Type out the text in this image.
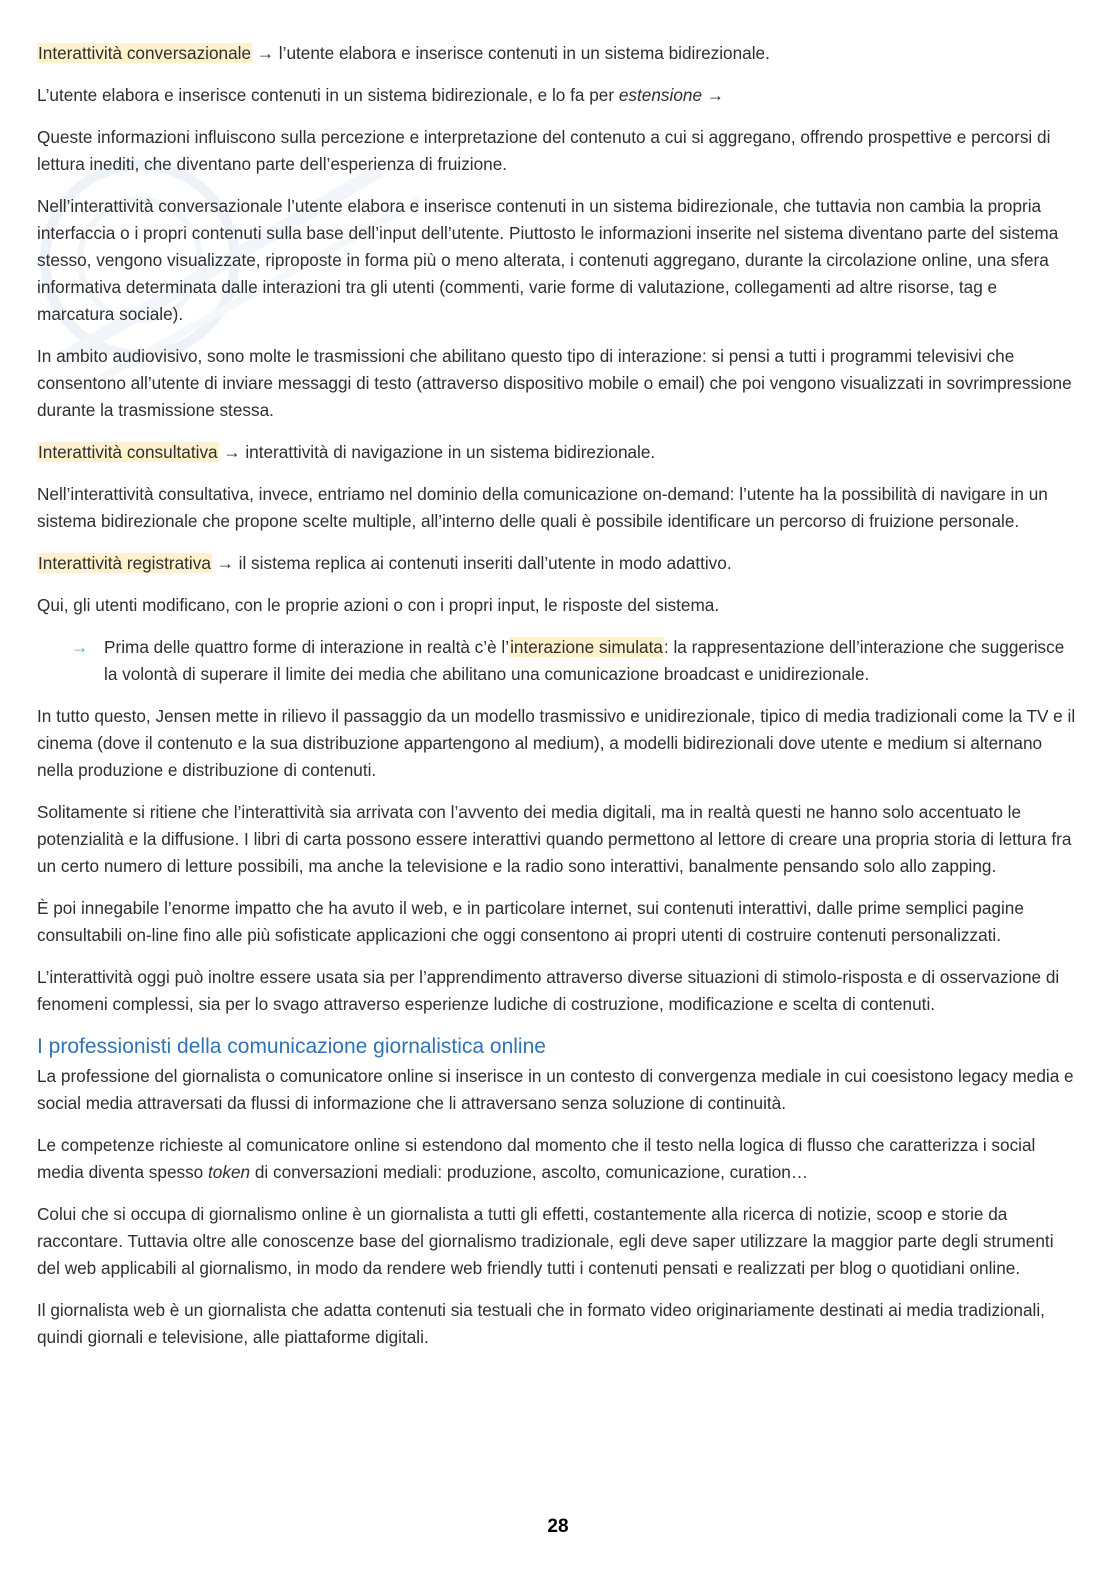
Interattività conversazionale → l’utente elabora e inserisce contenuti in un sistema bidirezionale.

L’utente elabora e inserisce contenuti in un sistema bidirezionale, e lo fa per estensione →

Queste informazioni influiscono sulla percezione e interpretazione del contenuto a cui si aggregano, offrendo prospettive e percorsi di lettura inediti, che diventano parte dell’esperienza di fruizione.

Nell’interattività conversazionale l’utente elabora e inserisce contenuti in un sistema bidirezionale, che tuttavia non cambia la propria interfaccia o i propri contenuti sulla base dell’input dell’utente. Piuttosto le informazioni inserite nel sistema diventano parte del sistema stesso, vengono visualizzate, riproposte in forma più o meno alterata, i contenuti aggregano, durante la circolazione online, una sfera informativa determinata dalle interazioni tra gli utenti (commenti, varie forme di valutazione, collegamenti ad altre risorse, tag e marcatura sociale).

In ambito audiovisivo, sono molte le trasmissioni che abilitano questo tipo di interazione: si pensi a tutti i programmi televisivi che consentono all’utente di inviare messaggi di testo (attraverso dispositivo mobile o email) che poi vengono visualizzati in sovrimpressione durante la trasmissione stessa.

Interattività consultativa → interattività di navigazione in un sistema bidirezionale.

Nell’interattività consultativa, invece, entriamo nel dominio della comunicazione on-demand: l’utente ha la possibilità di navigare in un sistema bidirezionale che propone scelte multiple, all’interno delle quali è possibile identificare un percorso di fruizione personale.

Interattività registrativa → il sistema replica ai contenuti inseriti dall’utente in modo adattivo.

Qui, gli utenti modificano, con le proprie azioni o con i propri input, le risposte del sistema.

→ Prima delle quattro forme di interazione in realtà c’è l’interazione simulata: la rappresentazione dell’interazione che suggerisce la volontà di superare il limite dei media che abilitano una comunicazione broadcast e unidirezionale.

In tutto questo, Jensen mette in rilievo il passaggio da un modello trasmissivo e unidirezionale, tipico di media tradizionali come la TV e il cinema (dove il contenuto e la sua distribuzione appartengono al medium), a modelli bidirezionali dove utente e medium si alternano nella produzione e distribuzione di contenuti.

Solitamente si ritiene che l’interattività sia arrivata con l’avvento dei media digitali, ma in realtà questi ne hanno solo accentuato le potenzialità e la diffusione. I libri di carta possono essere interattivi quando permettono al lettore di creare una propria storia di lettura fra un certo numero di letture possibili, ma anche la televisione e la radio sono interattivi, banalmente pensando solo allo zapping.

È poi innegabile l’enorme impatto che ha avuto il web, e in particolare internet, sui contenuti interattivi, dalle prime semplici pagine consultabili on-line fino alle più sofisticate applicazioni che oggi consentono ai propri utenti di costruire contenuti personalizzati.

L’interattività oggi può inoltre essere usata sia per l’apprendimento attraverso diverse situazioni di stimolo-risposta e di osservazione di fenomeni complessi, sia per lo svago attraverso esperienze ludiche di costruzione, modificazione e scelta di contenuti.

I professionisti della comunicazione giornalistica online

La professione del giornalista o comunicatore online si inserisce in un contesto di convergenza mediale in cui coesistono legacy media e social media attraversati da flussi di informazione che li attraversano senza soluzione di continuità.

Le competenze richieste al comunicatore online si estendono dal momento che il testo nella logica di flusso che caratterizza i social media diventa spesso token di conversazioni mediali: produzione, ascolto, comunicazione, curation…

Colui che si occupa di giornalismo online è un giornalista a tutti gli effetti, costantemente alla ricerca di notizie, scoop e storie da raccontare. Tuttavia oltre alle conoscenze base del giornalismo tradizionale, egli deve saper utilizzare la maggior parte degli strumenti del web applicabili al giornalismo, in modo da rendere web friendly tutti i contenuti pensati e realizzati per blog o quotidiani online.

Il giornalista web è un giornalista che adatta contenuti sia testuali che in formato video originariamente destinati ai media tradizionali, quindi giornali e televisione, alle piattaforme digitali.

28
